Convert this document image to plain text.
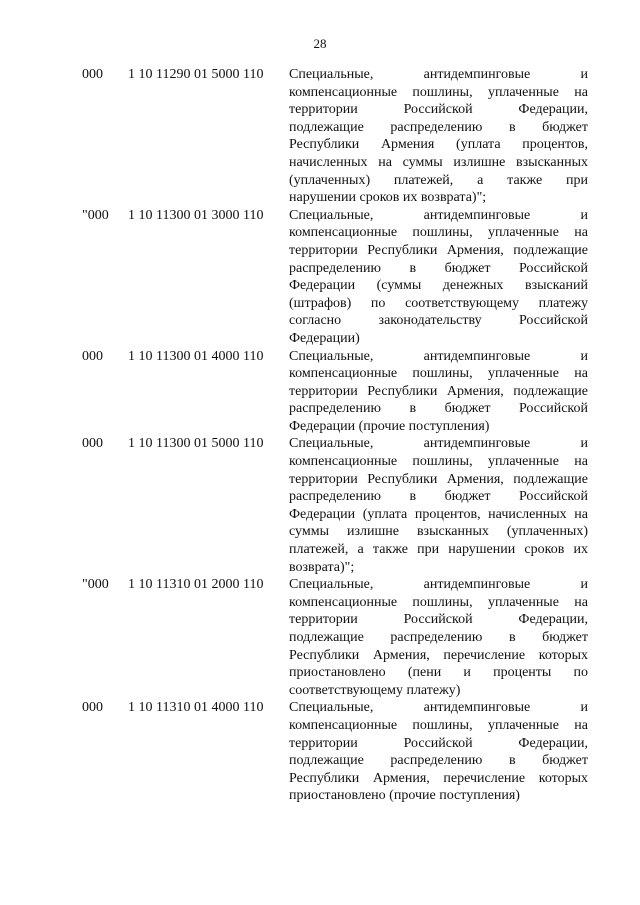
28
000 1 10 11290 01 5000 110 Специальные, антидемпинговые и
компенсационные пошлины, уплаченные на
территории Российской Федерации,
подлежащие распределению в бюджет
Республики Армения (уплата процентов,
начисленных на суммы излишне взысканных
(уплаченных) платежей, а также при
нарушении сроков их возврата)";
"000 1 10 11300 01 3000 110 Специальные, антидемпинговые и
компенсационные пошлины, уплаченные на
территории Республики Армения, подлежащие
распределению в бюджет Российской
Федерации (суммы денежных взысканий
(штрафов) по соответствующему платежу
согласно законодательству Российской
Федерации)
000 1 10 11300 01 4000 110 Специальные, антидемпинговые и
компенсационные пошлины, уплаченные на
территории Республики Армения, подлежащие
распределению в бюджет Российской
Федерации (прочие поступления)
000 1 10 11300 01 5000 110 Специальные, антидемпинговые и
компенсационные пошлины, уплаченные на
территории Республики Армения, подлежащие
распределению в бюджет Российской
Федерации (уплата процентов, начисленных на
суммы излишне взысканных (уплаченных)
платежей, а также при нарушении сроков их
возврата)";
"000 1 10 11310 01 2000 110 Специальные, антидемпинговые и
компенсационные пошлины, уплаченные на
территории Российской Федерации,
подлежащие распределению в бюджет
Республики Армения, перечисление которых
приостановлено (пени и проценты по
соответствующему платежу)
000 1 10 11310 01 4000 110 Специальные, антидемпинговые и
компенсационные пошлины, уплаченные на
территории Российской Федерации,
подлежащие распределению в бюджет
Республики Армения, перечисление которых
приостановлено (прочие поступления)
